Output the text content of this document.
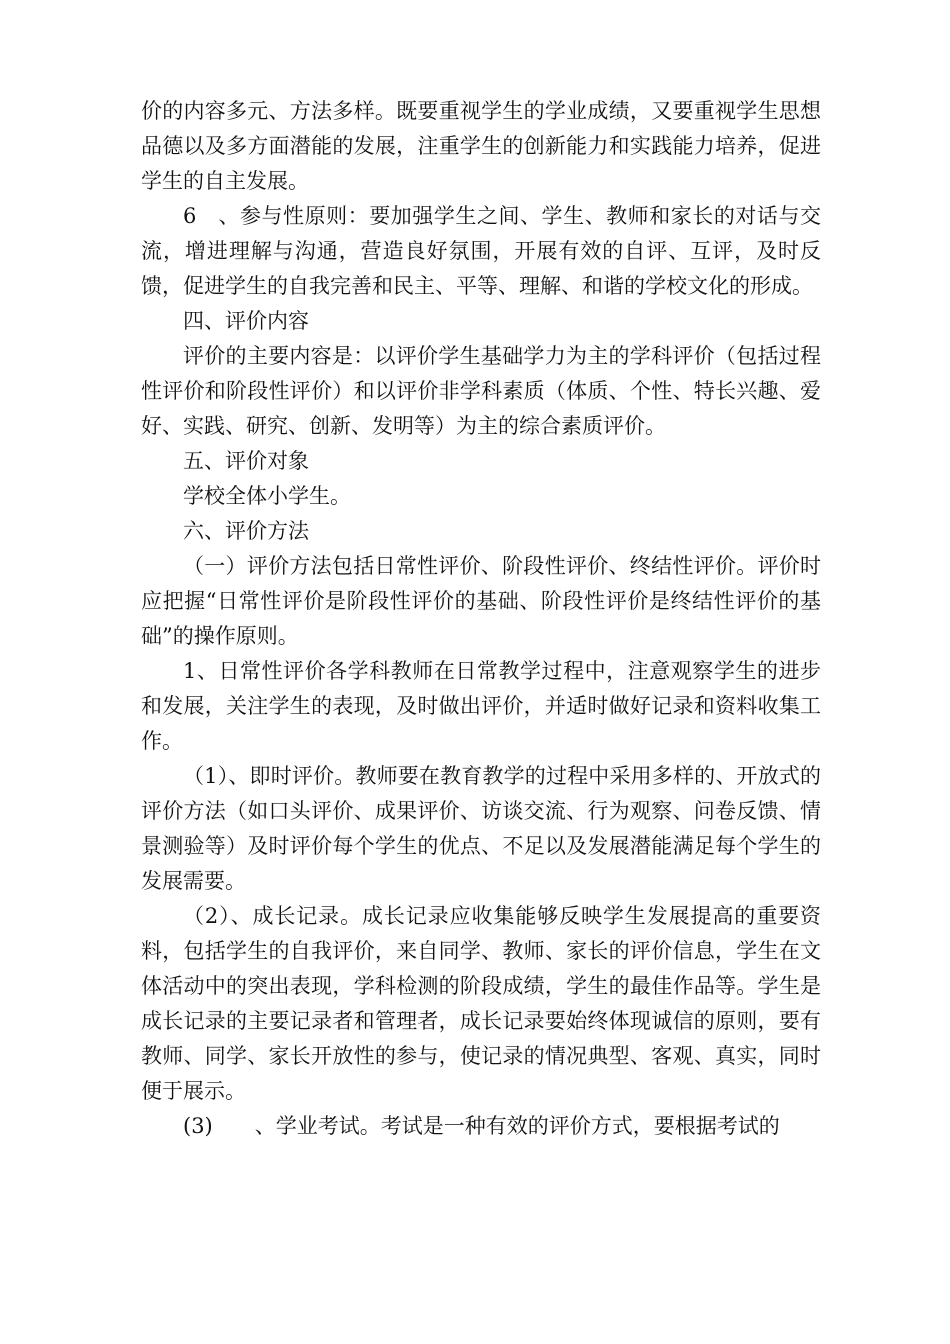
价的内容多元、方法多样。既要重视学生的学业成绩，又要重视学生思想品德以及多方面潜能的发展，注重学生的创新能力和实践能力培养，促进学生的自主发展。

6　、参与性原则：要加强学生之间、学生、教师和家长的对话与交流，增进理解与沟通，营造良好氛围，开展有效的自评、互评，及时反馈，促进学生的自我完善和民主、平等、理解、和谐的学校文化的形成。

四、评价内容

评价的主要内容是：以评价学生基础学力为主的学科评价（包括过程性评价和阶段性评价）和以评价非学科素质（体质、个性、特长兴趣、爱好、实践、研究、创新、发明等）为主的综合素质评价。

五、评价对象

学校全体小学生。

六、评价方法

（一）评价方法包括日常性评价、阶段性评价、终结性评价。评价时应把握“日常性评价是阶段性评价的基础、阶段性评价是终结性评价的基础”的操作原则。

1、日常性评价各学科教师在日常教学过程中，注意观察学生的进步和发展，关注学生的表现，及时做出评价，并适时做好记录和资料收集工作。

（1）、即时评价。教师要在教育教学的过程中采用多样的、开放式的评价方法（如口头评价、成果评价、访谈交流、行为观察、问卷反馈、情景测验等）及时评价每个学生的优点、不足以及发展潜能满足每个学生的发展需要。

（2）、成长记录。成长记录应收集能够反映学生发展提高的重要资料，包括学生的自我评价，来自同学、教师、家长的评价信息，学生在文体活动中的突出表现，学科检测的阶段成绩，学生的最佳作品等。学生是成长记录的主要记录者和管理者，成长记录要始终体现诚信的原则，要有教师、同学、家长开放性的参与，使记录的情况典型、客观、真实，同时便于展示。

(3)　　、学业考试。考试是一种有效的评价方式，要根据考试的
